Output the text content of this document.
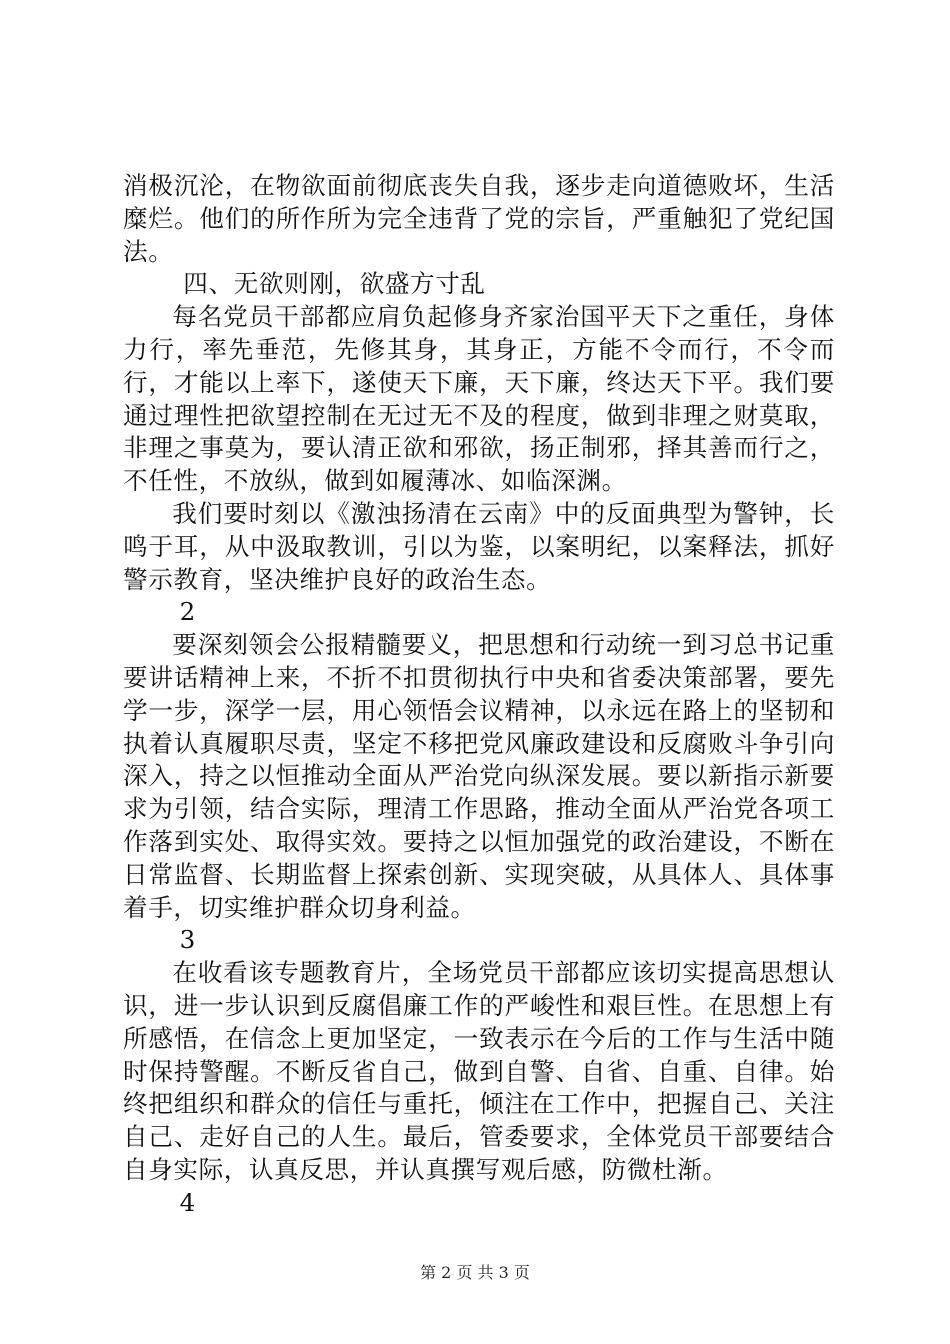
消极沉沦，在物欲面前彻底丧失自我，逐步走向道德败坏，生活糜烂。他们的所作所为完全违背了党的宗旨，严重触犯了党纪国法。

四、无欲则刚，欲盛方寸乱

每名党员干部都应肩负起修身齐家治国平天下之重任，身体力行，率先垂范，先修其身，其身正，方能不令而行，不令而行，才能以上率下，遂使天下廉，天下廉，终达天下平。我们要通过理性把欲望控制在无过无不及的程度，做到非理之财莫取，非理之事莫为，要认清正欲和邪欲，扬正制邪，择其善而行之，不任性，不放纵，做到如履薄冰、如临深渊。

我们要时刻以《激浊扬清在云南》中的反面典型为警钟，长鸣于耳，从中汲取教训，引以为鉴，以案明纪，以案释法，抓好警示教育，坚决维护良好的政治生态。

2

要深刻领会公报精髓要义，把思想和行动统一到习总书记重要讲话精神上来，不折不扣贯彻执行中央和省委决策部署，要先学一步，深学一层，用心领悟会议精神，以永远在路上的坚韧和执着认真履职尽责，坚定不移把党风廉政建设和反腐败斗争引向深入，持之以恒推动全面从严治党向纵深发展。要以新指示新要求为引领，结合实际，理清工作思路，推动全面从严治党各项工作落到实处、取得实效。要持之以恒加强党的政治建设，不断在日常监督、长期监督上探索创新、实现突破，从具体人、具体事着手，切实维护群众切身利益。

3

在收看该专题教育片，全场党员干部都应该切实提高思想认识，进一步认识到反腐倡廉工作的严峻性和艰巨性。在思想上有所感悟，在信念上更加坚定，一致表示在今后的工作与生活中随时保持警醒。不断反省自己，做到自警、自省、自重、自律。始终把组织和群众的信任与重托，倾注在工作中，把握自己、关注自己、走好自己的人生。最后，管委要求，全体党员干部要结合自身实际，认真反思，并认真撰写观后感，防微杜渐。

4

第 2 页 共 3 页
